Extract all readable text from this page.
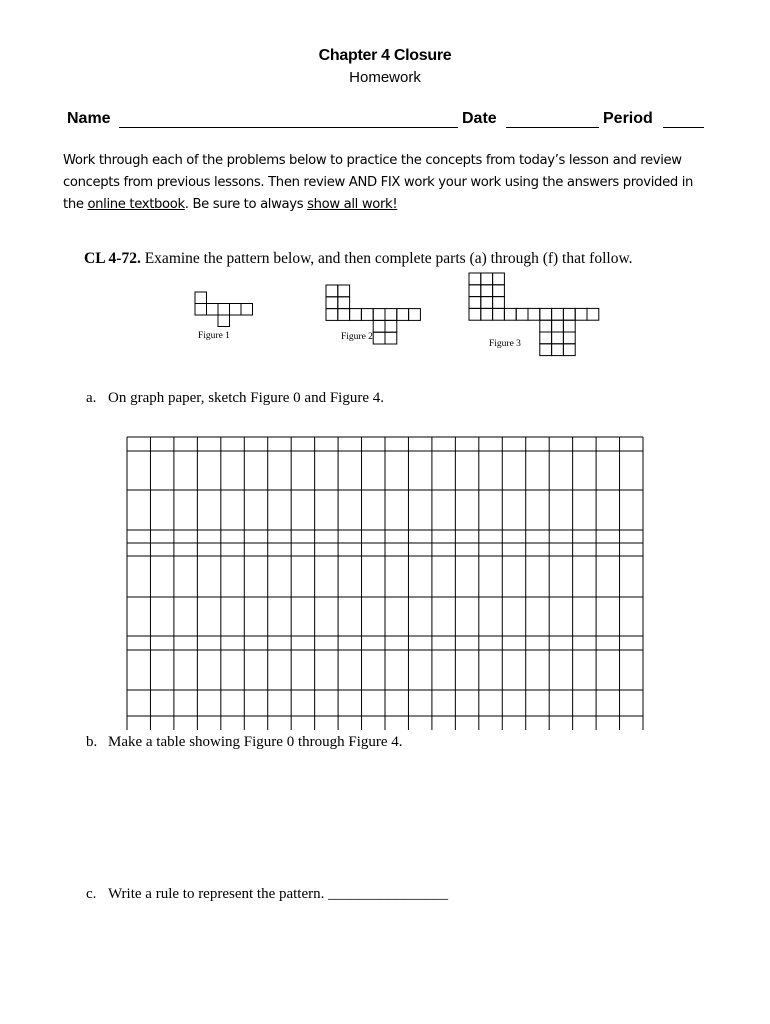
Chapter 4 Closure
Homework
Name	Date	Period
Work through each of the problems below to practice the concepts from today’s lesson and review concepts from previous lessons. Then review AND FIX work your work using the answers provided in the online textbook. Be sure to always show all work!
CL 4-72. Examine the pattern below, and then complete parts (a) through (f) that follow.
Figure 1	Figure 2
Figure 3
a. On graph paper, sketch Figure 0 and Figure 4.
b. Make a table showing Figure 0 through Figure 4.
c. Write a rule to represent the pattern. ________________
